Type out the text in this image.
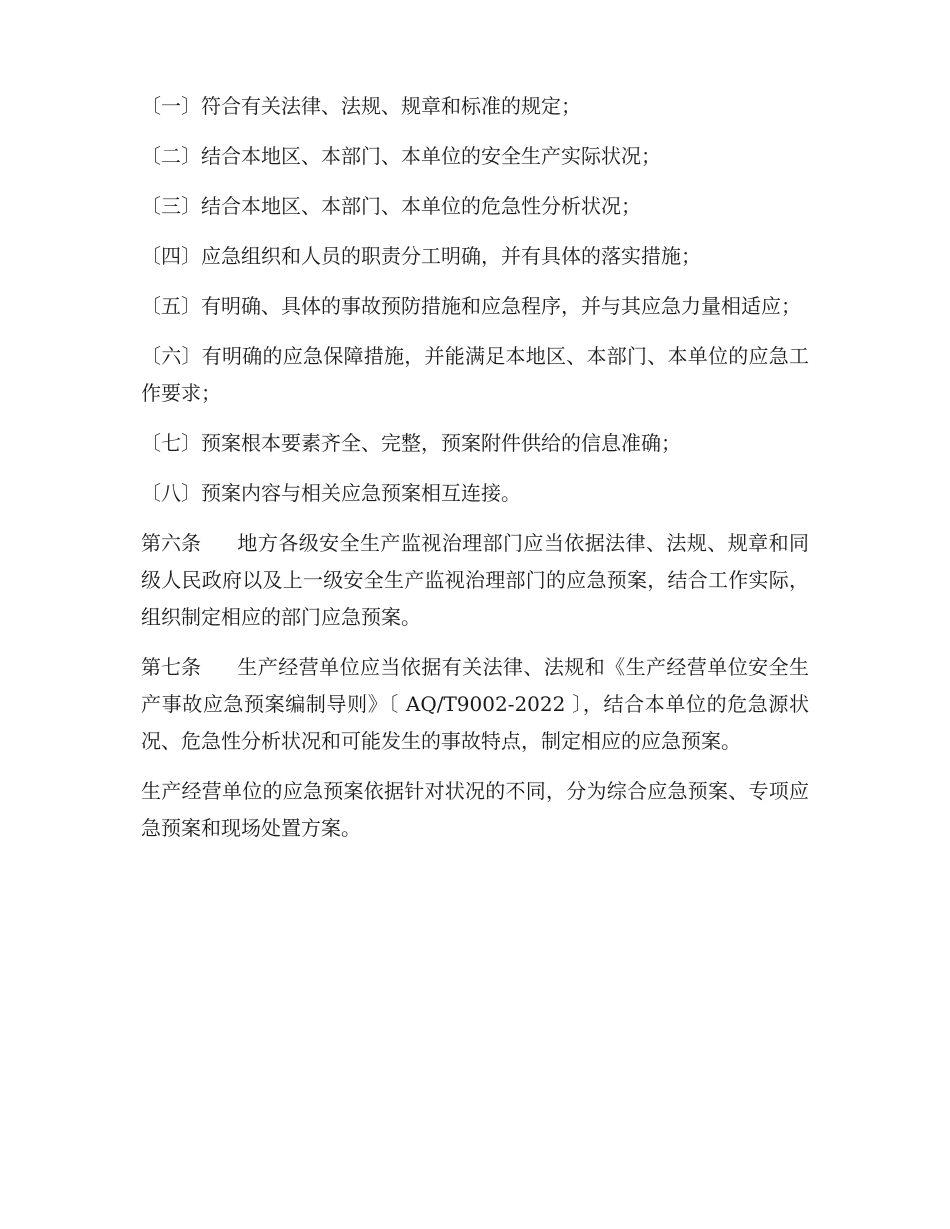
〔一〕符合有关法律、法规、规章和标准的规定；

〔二〕结合本地区、本部门、本单位的安全生产实际状况；

〔三〕结合本地区、本部门、本单位的危急性分析状况；

〔四〕应急组织和人员的职责分工明确，并有具体的落实措施；

〔五〕有明确、具体的事故预防措施和应急程序，并与其应急力量相适应；

〔六〕有明确的应急保障措施，并能满足本地区、本部门、本单位的应急工作要求；

〔七〕预案根本要素齐全、完整，预案附件供给的信息准确；

〔八〕预案内容与相关应急预案相互连接。

第六条 地方各级安全生产监视治理部门应当依据法律、法规、规章和同级人民政府以及上一级安全生产监视治理部门的应急预案，结合工作实际，组织制定相应的部门应急预案。

第七条 生产经营单位应当依据有关法律、法规和《生产经营单位安全生产事故应急预案编制导则》〔 AQ/T9002-2022 〕，结合本单位的危急源状况、危急性分析状况和可能发生的事故特点，制定相应的应急预案。

生产经营单位的应急预案依据针对状况的不同，分为综合应急预案、专项应急预案和现场处置方案。
